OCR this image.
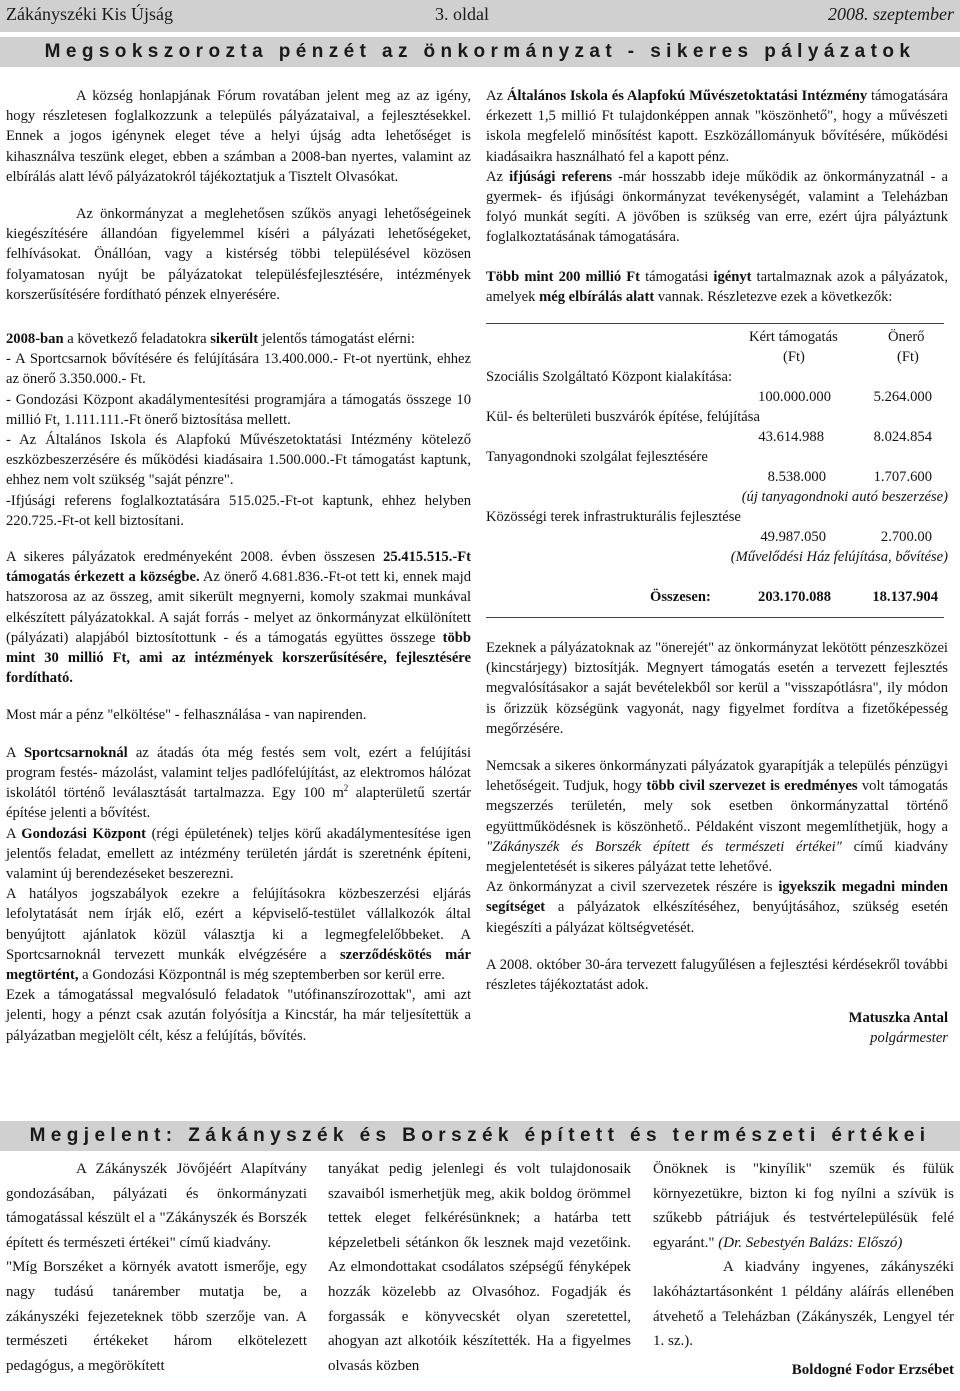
Zákányszéki Kis Újság	3. oldal	2008. szeptember
Megsokszorozta pénzét az önkormányzat - sikeres pályázatok

A község honlapjának Fórum rovatában jelent meg az az igény, hogy részletesen foglalkozzunk a település pályázataival, a fejlesztésekkel. Ennek a jogos igénynek eleget téve a helyi újság adta lehetőséget is kihasználva teszünk eleget, ebben a számban a 2008-ban nyertes, valamint az elbírálás alatt lévő pályázatokról tájékoztatjuk a Tisztelt Olvasókat.

Az önkormányzat a meglehetősen szűkös anyagi lehetőségeinek kiegészítésére állandóan figyelemmel kíséri a pályázati lehetőségeket, felhívásokat. Önállóan, vagy a kistérség többi településével közösen folyamatosan nyújt be pályázatokat településfejlesztésére, intézmények korszerűsítésére fordítható pénzek elnyerésére.

2008-ban a következő feladatokra sikerült jelentős támogatást elérni:

- A Sportcsarnok bővítésére és felújítására 13.400.000.- Ft-ot nyertünk, ehhez az önerő 3.350.000.- Ft.

- Gondozási Központ akadálymentesítési programjára a támogatás összege 10 millió Ft, 1.111.111.-Ft önerő biztosítása mellett.

- Az Általános Iskola és Alapfokú Művészetoktatási Intézmény kötelező eszközbeszerzésére és működési kiadásaira 1.500.000.-Ft támogatást kaptunk, ehhez nem volt szükség "saját pénzre".

-Ifjúsági referens foglalkoztatására 515.025.-Ft-ot kaptunk, ehhez helyben 220.725.-Ft-ot kell biztosítani.

A sikeres pályázatok eredményeként 2008. évben összesen 25.415.515.-Ft támogatás érkezett a községbe. Az önerő 4.681.836.-Ft-ot tett ki, ennek majd hatszorosa az az összeg, amit sikerült megnyerni, komoly szakmai munkával elkészített pályázatokkal. A saját forrás - melyet az önkormányzat elkülönített (pályázati) alapjából biztosítottunk - és a támogatás együttes összege több mint 30 millió Ft, ami az intézmények korszerűsítésére, fejlesztésére fordítható.

Most már a pénz "elköltése" - felhasználása - van napirenden.

A Sportcsarnoknál az átadás óta még festés sem volt, ezért a felújítási program festés- mázolást, valamint teljes padlófelújítást, az elektromos hálózat iskolától történő leválasztását tartalmazza. Egy 100 $m^2$ alapterületű szertár építése jelenti a bővítést.

A Gondozási Központ (régi épületének) teljes körű akadálymentesítése igen jelentős feladat, emellett az intézmény területén járdát is szeretnénk építeni, valamint új berendezéseket beszerezni.

A hatályos jogszabályok ezekre a felújításokra közbeszerzési eljárás lefolytatását nem írják elő, ezért a képviselő-testület vállalkozók által benyújtott ajánlatok közül választja ki a legmegfelelőbbeket. A Sportcsarnoknál tervezett munkák elvégzésére a szerződéskötés már megtörtént, a Gondozási Központnál is még szeptemberben sor kerül erre.

Ezek a támogatással megvalósuló feladatok "utófinanszírozottak", ami azt jelenti, hogy a pénzt csak azután folyósítja a Kincstár, ha már teljesítettük a pályázatban megjelölt célt, kész a felújítás, bővítés.

Az Általános Iskola és Alapfokú Művészetoktatási Intézmény támogatására érkezett 1,5 millió Ft tulajdonképpen annak "köszönhető", hogy a művészeti iskola megfelelő minősítést kapott. Eszközállományuk bővítésére, működési kiadásaikra használható fel a kapott pénz.

Az ifjúsági referens -már hosszabb ideje működik az önkormányzatnál - a gyermek- és ifjúsági önkormányzat tevékenységét, valamint a Teleházban folyó munkát segíti. A jövőben is szükség van erre, ezért újra pályáztunk foglalkoztatásának támogatására.

Több mint 200 millió Ft támogatási igényt tartalmaznak azok a pályázatok, amelyek még elbírálás alatt vannak. Részletezve ezek a következők:

Kért támogatás	Önerő
(Ft)	(Ft)
Szociális Szolgáltató Központ kialakítása:
100.000.000	5.264.000
Kül- és belterületi buszvárók építése, felújítása
43.614.988	8.024.854
Tanyagondnoki szolgálat fejlesztésére
8.538.000	1.707.600
(új tanyagondnoki autó beszerzése)
Közösségi terek infrastrukturális fejlesztése
49.987.050	2.700.00
(Művelődési Ház felújítása, bővítése)
Összesen:	203.170.088	18.137.904

Ezeknek a pályázatoknak az "önerejét" az önkormányzat lekötött pénzeszközei (kincstárjegy) biztosítják. Megnyert támogatás esetén a tervezett fejlesztés megvalósításakor a saját bevételekből sor kerül a "visszapótlásra", ily módon is őrizzük községünk vagyonát, nagy figyelmet fordítva a fizetőképesség megőrzésére.

Nemcsak a sikeres önkormányzati pályázatok gyarapítják a település pénzügyi lehetőségeit. Tudjuk, hogy több civil szervezet is eredményes volt támogatás megszerzés területén, mely sok esetben önkormányzattal történő együttműködésnek is köszönhető.. Példaként viszont megemlíthetjük, hogy a "Zákányszék és Borszék épített és természeti értékei" című kiadvány megjelentetését is sikeres pályázat tette lehetővé.

Az önkormányzat a civil szervezetek részére is igyekszik megadni minden segítséget a pályázatok elkészítéséhez, benyújtásához, szükség esetén kiegészíti a pályázat költségvetését.

A 2008. október 30-ára tervezett falugyűlésen a fejlesztési kérdésekről további részletes tájékoztatást adok.

Matuszka Antal

polgármester

Megjelent: Zákányszék és Borszék épített és természeti értékei

A Zákányszék Jövőjéért Alapítvány gondozásában, pályázati és önkormányzati támogatással készült el a "Zákányszék és Borszék épített és természeti értékei" című kiadvány.

"Míg Borszéket a környék avatott ismerője, egy nagy tudású tanárember mutatja be, a zákányszéki fejezeteknek több szerzője van. A természeti értékeket három elkötelezett pedagógus, a megörökített

tanyákat pedig jelenlegi és volt tulajdonosaik szavaiból ismerhetjük meg, akik boldog örömmel tettek eleget felkérésünknek; a határba tett képzeletbeli sétánkon ők lesznek majd vezetőink. Az elmondottakat csodálatos szépségű fényképek hozzák közelebb az Olvasóhoz. Fogadják és forgassák e könyvecskét olyan szeretettel, ahogyan azt alkotóik készítették. Ha a figyelmes olvasás közben

Önöknek is "kinyílik" szemük és fülük környezetükre, bizton ki fog nyílni a szívük is szűkebb pátriájuk és testvértelepülésük felé egyaránt." (Dr. Sebestyén Balázs: Előszó)

A kiadvány ingyenes, zákányszéki lakóháztartásonként 1 példány aláírás ellenében átvehető a Teleházban (Zákányszék, Lengyel tér 1. sz.).

Boldogné Fodor Erzsébet
